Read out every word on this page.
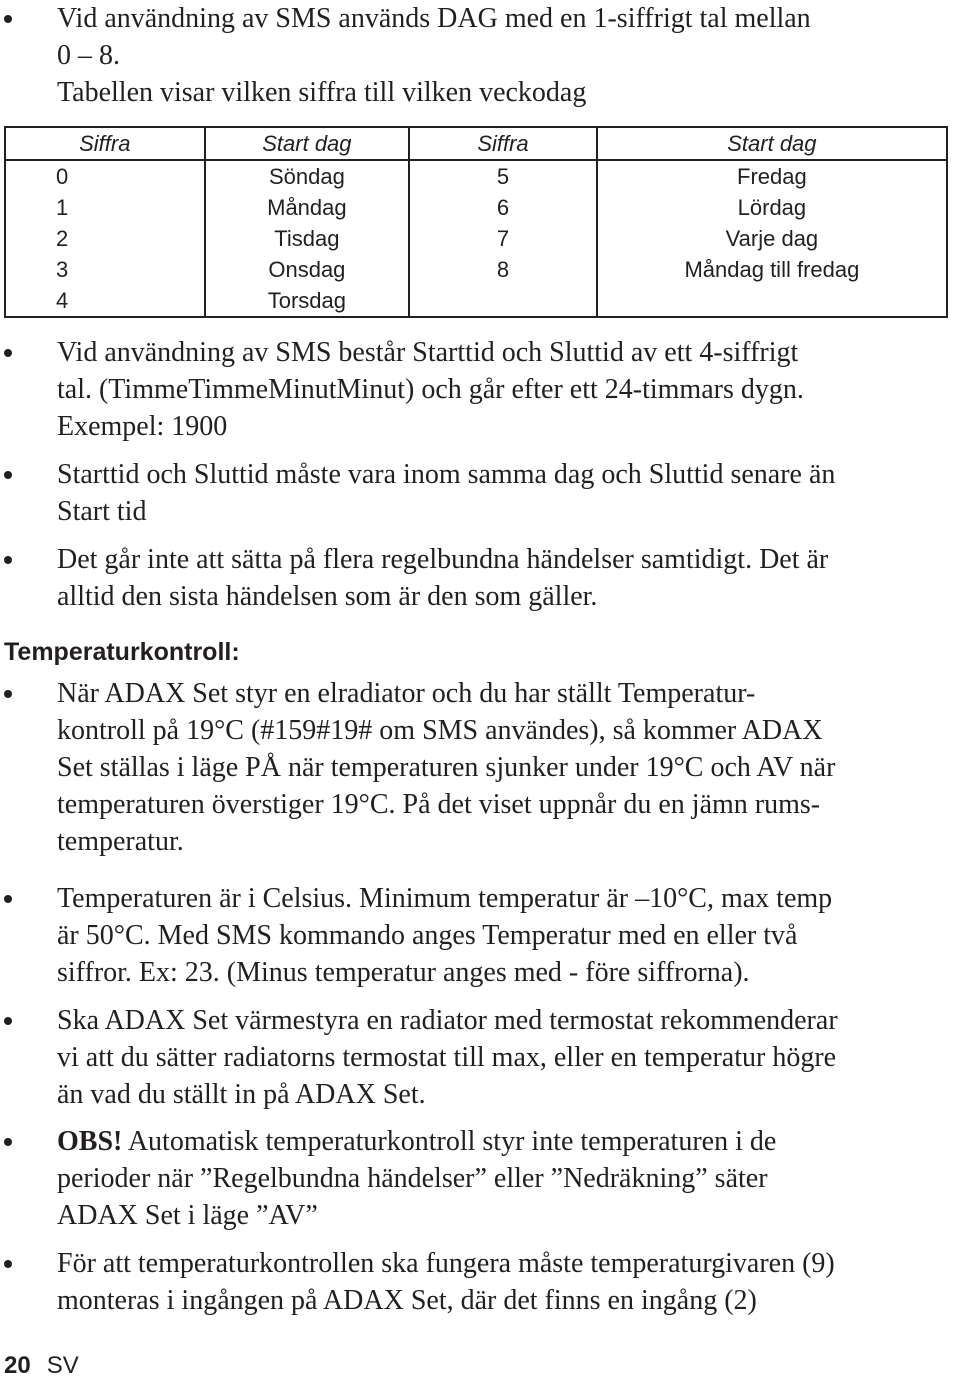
Vid användning av SMS används DAG med en 1-siffrigt tal mellan
0 – 8.
Tabellen visar vilken siffra till vilken veckodag
Siffra	Start dag	Siffra	Start dag
0	Söndag	5	Fredag
1	Måndag	6	Lördag
2	Tisdag	7	Varje dag
3	Onsdag	8	Måndag till fredag
4	Torsdag		
Vid användning av SMS består Starttid och Sluttid av ett 4-siffrigt
tal. (TimmeTimmeMinutMinut) och går efter ett 24-timmars dygn.
Exempel: 1900
Starttid och Sluttid måste vara inom samma dag och Sluttid senare än
Start tid
Det går inte att sätta på flera regelbundna händelser samtidigt. Det är
alltid den sista händelsen som är den som gäller.
Temperaturkontroll:
När ADAX Set styr en elradiator och du har ställt Temperatur-
kontroll på 19°C (#159#19# om SMS användes), så kommer ADAX
Set ställas i läge PÅ när temperaturen sjunker under 19°C och AV när
temperaturen överstiger 19°C. På det viset uppnår du en jämn rums-
temperatur.
Temperaturen är i Celsius. Minimum temperatur är –10°C, max temp
är 50°C. Med SMS kommando anges Temperatur med en eller två
siffror. Ex: 23. (Minus temperatur anges med - före siffrorna).
Ska ADAX Set värmestyra en radiator med termostat rekommenderar
vi att du sätter radiatorns termostat till max, eller en temperatur högre
än vad du ställt in på ADAX Set.
OBS! Automatisk temperaturkontroll styr inte temperaturen i de
perioder när ”Regelbundna händelser” eller ”Nedräkning” säter
ADAX Set i läge ”AV”
För att temperaturkontrollen ska fungera måste temperaturgivaren (9)
monteras i ingången på ADAX Set, där det finns en ingång (2)
20 SV
